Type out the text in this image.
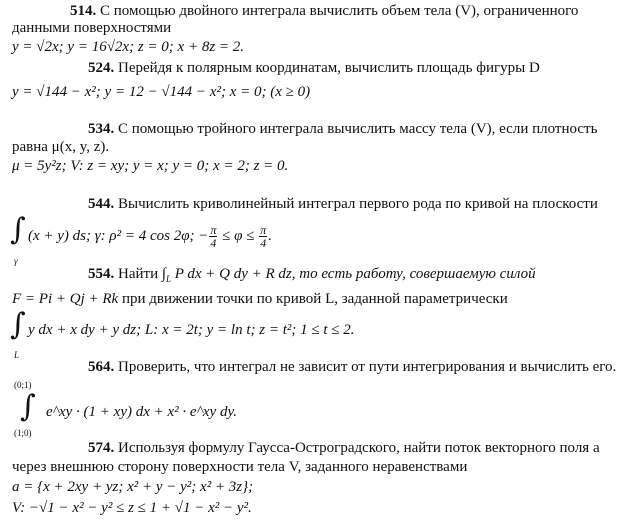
514. С помощью двойного интеграла вычислить объем тела (V), ограниченного
данными поверхностями
y = √2x; y = 16√2x; z = 0; x + 8z = 2.
524. Перейдя к полярным координатам, вычислить площадь фигуры D
y = √144 − x²; y = 12 − √144 − x²; x = 0; (x ≥ 0)
534. С помощью тройного интеграла вычислить массу тела (V), если плотность
равна μ(x, y, z).
μ = 5y²z; V: z = xy; y = x; y = 0; x = 2; z = 0.
544. Вычислить криволинейный интеграл первого рода по кривой на плоскости
∫
γ
(x + y) ds; γ: ρ² = 4 cos 2φ; − $\frac{\pi}{4} \le \varphi \le \frac{\pi}{4}$ .
554. Найти $\int_L$ P dx + Q dy + R dz, то есть работу, совершаемую силой
F = Pi + Qj + Rk при движении точки по кривой L, заданной параметрически
∫
L
y dx + x dy + y dz; L: x = 2t; y = ln t; z = t²; 1 ≤ t ≤ 2.
564. Проверить, что интеграл не зависит от пути интегрирования и вычислить его.
(0;1)
∫
(1;0)
e^xy · (1 + xy) dx + x² · e^xy dy.
574. Используя формулу Гаусса-Остроградского, найти поток векторного поля a
через внешнюю сторону поверхности тела V, заданного неравенствами
a = {x + 2xy + yz; x² + y − y²; x² + 3z};
V: −√1 − x² − y² ≤ z ≤ 1 + √1 − x² − y².
